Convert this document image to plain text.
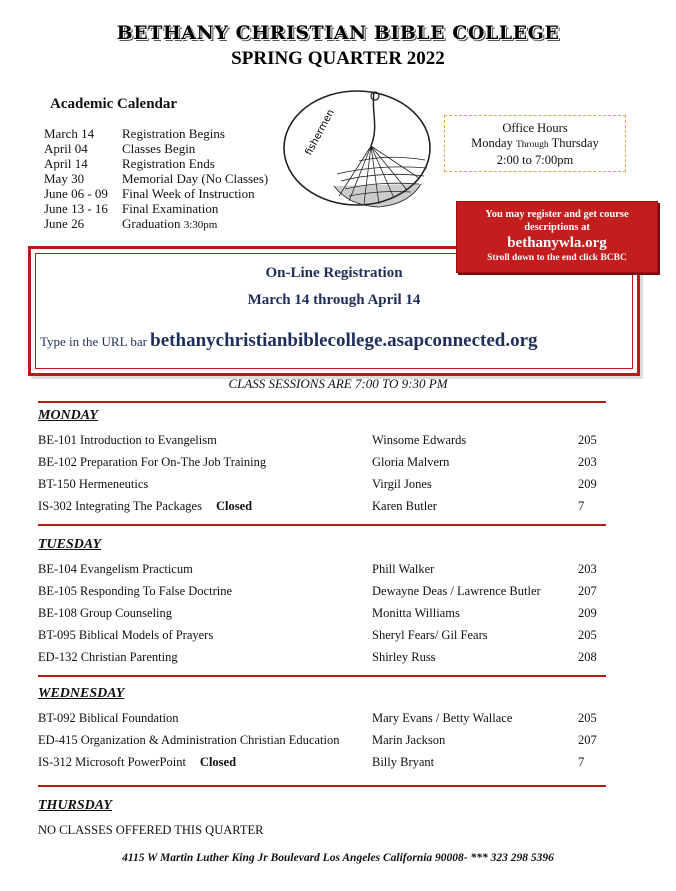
BETHANY CHRISTIAN BIBLE COLLEGE
SPRING QUARTER 2022
Academic Calendar
March 14 Registration Begins
April 04	Classes Begin
April 14	Registration Ends
May 30	Memorial Day (No Classes)
June 06 - 09 Final Week of Instruction
June 13 - 16 Final Examination
June 26	Graduation 3:30pm
fishermen	Office Hours
Monday Through Thursday
2:00 to 7:00pm
On-Line Registration
March 14 through April 14
Type in the URL bar bethanychristianbiblecollege.asapconnected.org
You may register and get course descriptions at
bethanywla.org
Stroll down to the end click BCBC
CLASS SESSIONS ARE 7:00 TO 9:30 PM
MONDAY
BE-101 Introduction to Evangelism	Winsome Edwards	205
BE-102 Preparation For On-The Job Training	Gloria Malvern	203
BT-150 Hermeneutics	Virgil Jones	209
IS-302 Integrating The Packages Closed	Karen Butler	7
TUESDAY
BE-104 Evangelism Practicum	Phill Walker	203
BE-105 Responding To False Doctrine	Dewayne Deas / Lawrence Butler	207
BE-108 Group Counseling	Monitta Williams	209
BT-095 Biblical Models of Prayers	Sheryl Fears/ Gil Fears	205
ED-132 Christian Parenting	Shirley Russ	208
WEDNESDAY
BT-092 Biblical Foundation	Mary Evans / Betty Wallace	205
ED-415 Organization & Administration Christian Education	Marin Jackson	207
IS-312 Microsoft PowerPoint Closed	Billy Bryant	7
THURSDAY
NO CLASSES OFFERED THIS QUARTER
4115 W Martin Luther King Jr Boulevard Los Angeles California 90008- *** 323 298 5396
